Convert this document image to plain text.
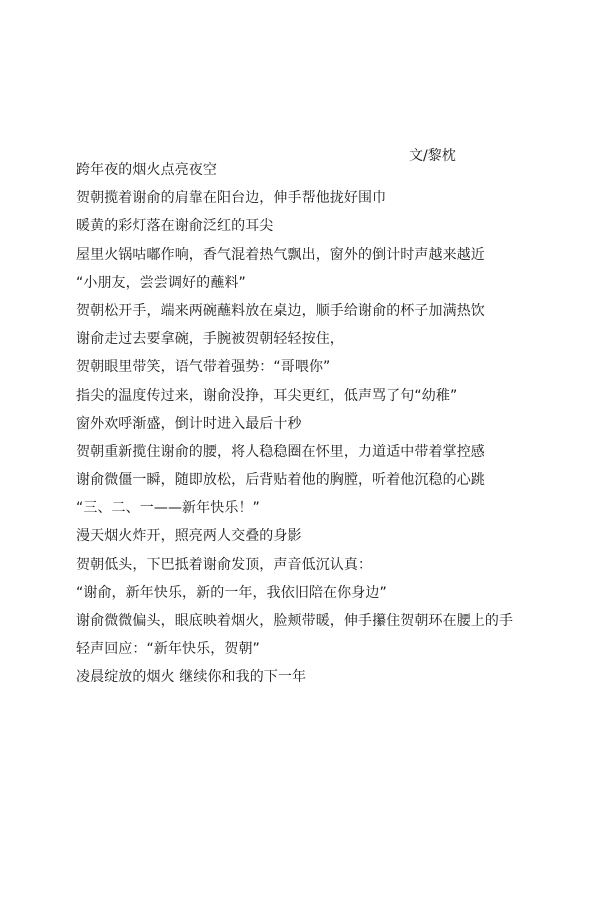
文/黎枕
跨年夜的烟火点亮夜空
贺朝揽着谢俞的肩靠在阳台边，伸手帮他拢好围巾
暖黄的彩灯落在谢俞泛红的耳尖
屋里火锅咕嘟作响，香气混着热气飘出，窗外的倒计时声越来越近
“小朋友，尝尝调好的蘸料”
贺朝松开手，端来两碗蘸料放在桌边，顺手给谢俞的杯子加满热饮
谢俞走过去要拿碗，手腕被贺朝轻轻按住，
贺朝眼里带笑，语气带着强势：“哥喂你”
指尖的温度传过来，谢俞没挣，耳尖更红，低声骂了句“幼稚”
窗外欢呼渐盛，倒计时进入最后十秒
贺朝重新揽住谢俞的腰，将人稳稳圈在怀里，力道适中带着掌控感
谢俞微僵一瞬，随即放松，后背贴着他的胸膛，听着他沉稳的心跳
“三、二、一——新年快乐！”
漫天烟火炸开，照亮两人交叠的身影
贺朝低头，下巴抵着谢俞发顶，声音低沉认真：
“谢俞，新年快乐，新的一年，我依旧陪在你身边”
谢俞微微偏头，眼底映着烟火，脸颊带暖，伸手攥住贺朝环在腰上的手
轻声回应：“新年快乐，贺朝”
凌晨绽放的烟火 继续你和我的下一年
